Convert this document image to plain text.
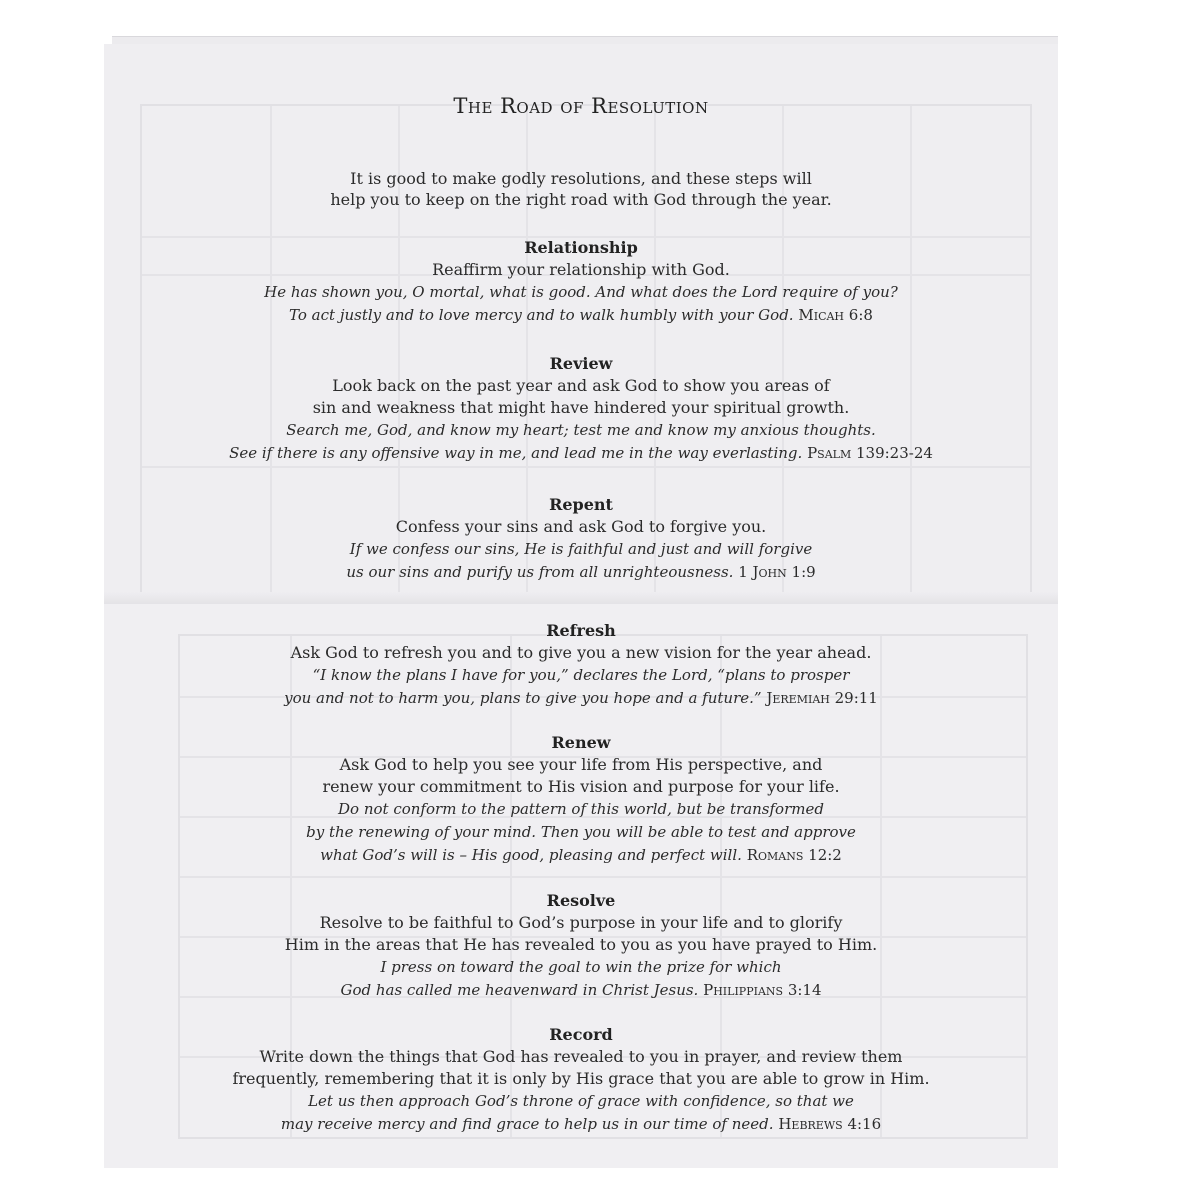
The Road of Resolution
It is good to make godly resolutions, and these steps will
help you to keep on the right road with God through the year.
Relationship
Reaffirm your relationship with God.
He has shown you, O mortal, what is good. And what does the Lord require of you?
To act justly and to love mercy and to walk humbly with your God. Micah 6:8
Review
Look back on the past year and ask God to show you areas of
sin and weakness that might have hindered your spiritual growth.
Search me, God, and know my heart; test me and know my anxious thoughts.
See if there is any offensive way in me, and lead me in the way everlasting. Psalm 139:23-24
Repent
Confess your sins and ask God to forgive you.
If we confess our sins, He is faithful and just and will forgive
us our sins and purify us from all unrighteousness. 1 John 1:9
Refresh
Ask God to refresh you and to give you a new vision for the year ahead.
“I know the plans I have for you,” declares the Lord, “plans to prosper
you and not to harm you, plans to give you hope and a future.” Jeremiah 29:11
Renew
Ask God to help you see your life from His perspective, and
renew your commitment to His vision and purpose for your life.
Do not conform to the pattern of this world, but be transformed
by the renewing of your mind. Then you will be able to test and approve
what God’s will is – His good, pleasing and perfect will. Romans 12:2
Resolve
Resolve to be faithful to God’s purpose in your life and to glorify
Him in the areas that He has revealed to you as you have prayed to Him.
I press on toward the goal to win the prize for which
God has called me heavenward in Christ Jesus. Philippians 3:14
Record
Write down the things that God has revealed to you in prayer, and review them
frequently, remembering that it is only by His grace that you are able to grow in Him.
Let us then approach God’s throne of grace with confidence, so that we
may receive mercy and find grace to help us in our time of need. Hebrews 4:16
